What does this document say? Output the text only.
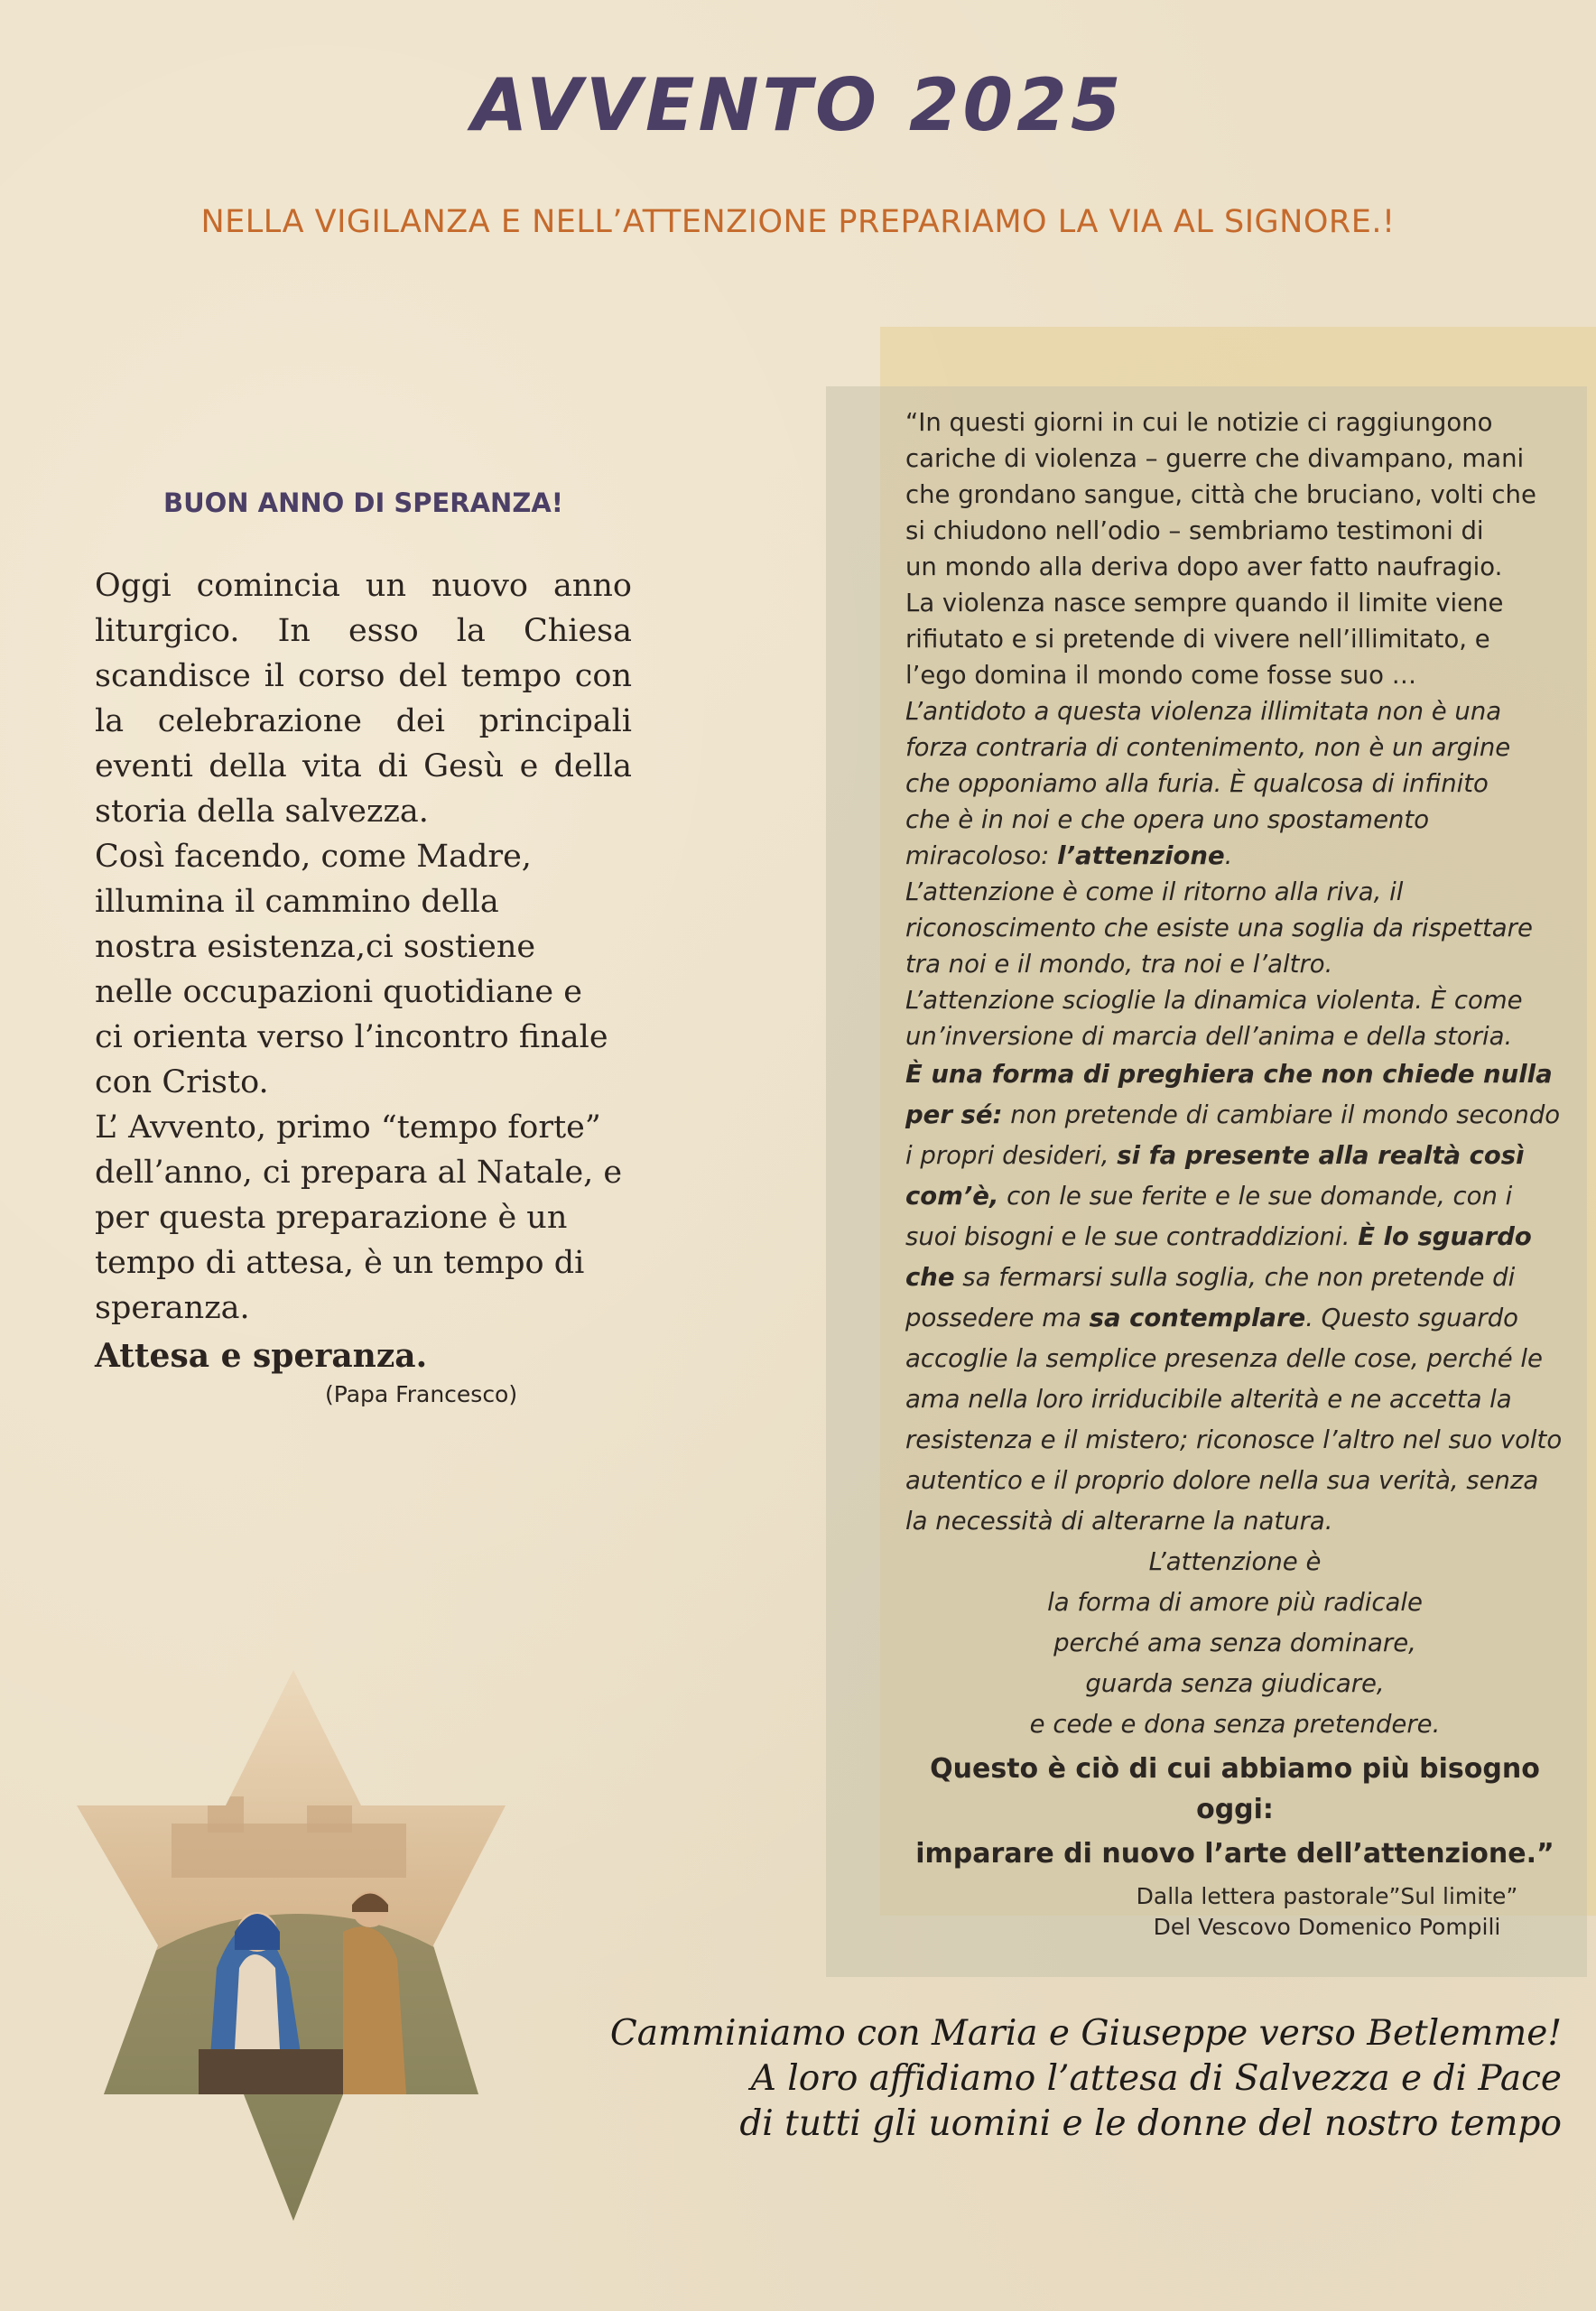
AVVENTO 2025
NELLA VIGILANZA E NELL’ATTENZIONE PREPARIAMO LA VIA AL SIGNORE.!
BUON ANNO DI SPERANZA!

Oggi comincia un nuovo anno liturgico. In esso la Chiesa scandisce il corso del tempo con la celebrazione dei principali eventi della vita di Gesù e della storia della salvezza.

Così facendo, come Madre,

illumina il cammino della

nostra esistenza,ci sostiene

nelle occupazioni quotidiane e

ci orienta verso l’incontro finale

con Cristo.

L’ Avvento, primo “tempo forte”

dell’anno, ci prepara al Natale, e

per questa preparazione è un

tempo di attesa, è un tempo di

speranza.

Attesa e speranza.
(Papa Francesco)

“In questi giorni in cui le notizie ci raggiungono

cariche di violenza – guerre che divampano, mani

che grondano sangue, città che bruciano, volti che

si chiudono nell’odio – sembriamo testimoni di

un mondo alla deriva dopo aver fatto naufragio.

La violenza nasce sempre quando il limite viene

rifiutato e si pretende di vivere nell’illimitato, e

l’ego domina il mondo come fosse suo …

L’antidoto a questa violenza illimitata non è una

forza contraria di contenimento, non è un argine

che opponiamo alla furia. È qualcosa di infinito

che è in noi e che opera uno spostamento

miracoloso: l’attenzione.

L’attenzione è come il ritorno alla riva, il

riconoscimento che esiste una soglia da rispettare

tra noi e il mondo, tra noi e l’altro.

L’attenzione scioglie la dinamica violenta. È come

un’inversione di marcia dell’anima e della storia.

È una forma di preghiera che non chiede nulla per sé: non pretende di cambiare il mondo secondo i propri desideri, si fa presente alla realtà così com’è, con le sue ferite e le sue domande, con i suoi bisogni e le sue contraddizioni. È lo sguardo che sa fermarsi sulla soglia, che non pretende di possedere ma sa contemplare. Questo sguardo accoglie la semplice presenza delle cose, perché le ama nella loro irriducibile alterità e ne accetta la resistenza e il mistero; riconosce l’altro nel suo volto autentico e il proprio dolore nella sua verità, senza la necessità di alterarne la natura.

L’attenzione è

la forma di amore più radicale

perché ama senza dominare,

guarda senza giudicare,

e cede e dona senza pretendere.

Questo è ciò di cui abbiamo più bisogno oggi:

imparare di nuovo l’arte dell’attenzione.”

Dalla lettera pastorale”Sul limite”
Del Vescovo Domenico Pompili
Camminiamo con Maria e Giuseppe verso Betlemme!
A loro affidiamo l’attesa di Salvezza e di Pace
di tutti gli uomini e le donne del nostro tempo
